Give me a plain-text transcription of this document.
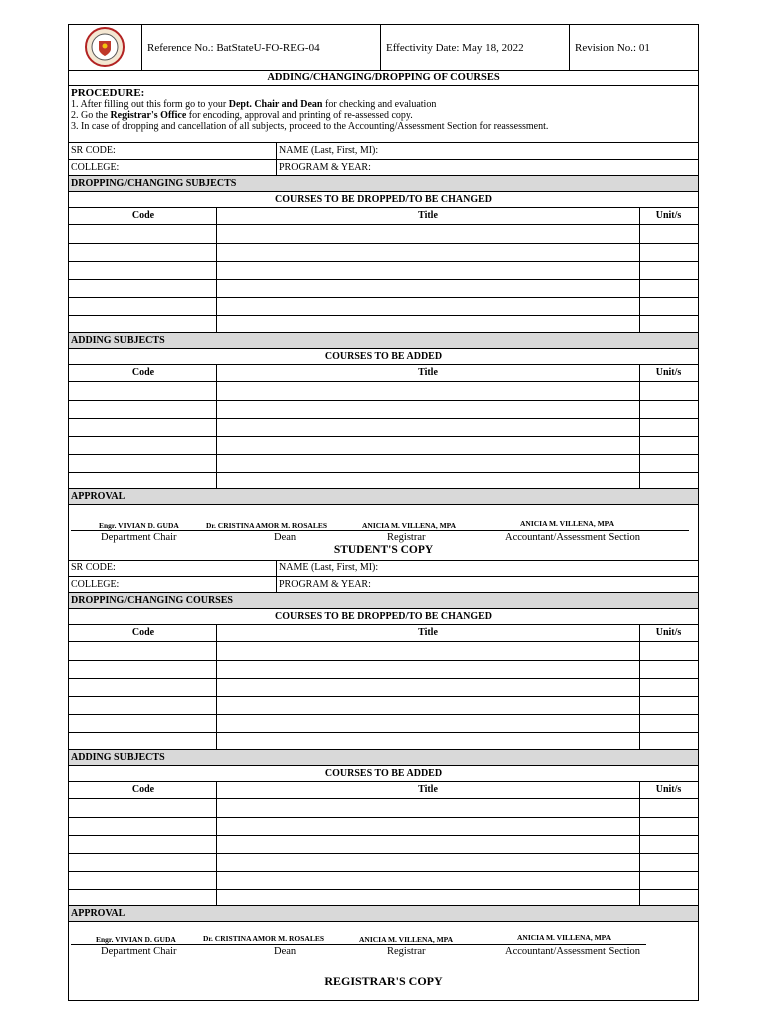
Reference No.: BatStateU-FO-REG-04	Effectivity Date: May 18, 2022	Revision No.: 01
ADDING/CHANGING/DROPPING OF COURSES
PROCEDURE:
1. After filling out this form go to your Dept. Chair and Dean for checking and evaluation
2. Go the Registrar's Office for encoding, approval and printing of re-assessed copy.
3. In case of dropping and cancellation of all subjects, proceed to the Accounting/Assessment Section for reassessment.
SR CODE:	NAME (Last, First, MI):
COLLEGE:	PROGRAM & YEAR:
DROPPING/CHANGING SUBJECTS
COURSES TO BE DROPPED/TO BE CHANGED
Code	Title	Unit/s
ADDING SUBJECTS
COURSES TO BE ADDED
Code	Title	Unit/s
APPROVAL
Engr. VIVIAN D. GUDA	Dr. CRISTINA AMOR M. ROSALES	ANICIA M. VILLENA, MPA	ANICIA M. VILLENA, MPA
Department Chair	Dean	Registrar	Accountant/Assessment Section
STUDENT'S COPY
SR CODE:	NAME (Last, First, MI):
COLLEGE:	PROGRAM & YEAR:
DROPPING/CHANGING COURSES
COURSES TO BE DROPPED/TO BE CHANGED
Code	Title	Unit/s
ADDING SUBJECTS
COURSES TO BE ADDED
Code	Title	Unit/s
APPROVAL
Engr. VIVIAN D. GUDA	Dr. CRISTINA AMOR M. ROSALES	ANICIA M. VILLENA, MPA	ANICIA M. VILLENA, MPA
Department Chair	Dean	Registrar	Accountant/Assessment Section
REGISTRAR'S COPY
